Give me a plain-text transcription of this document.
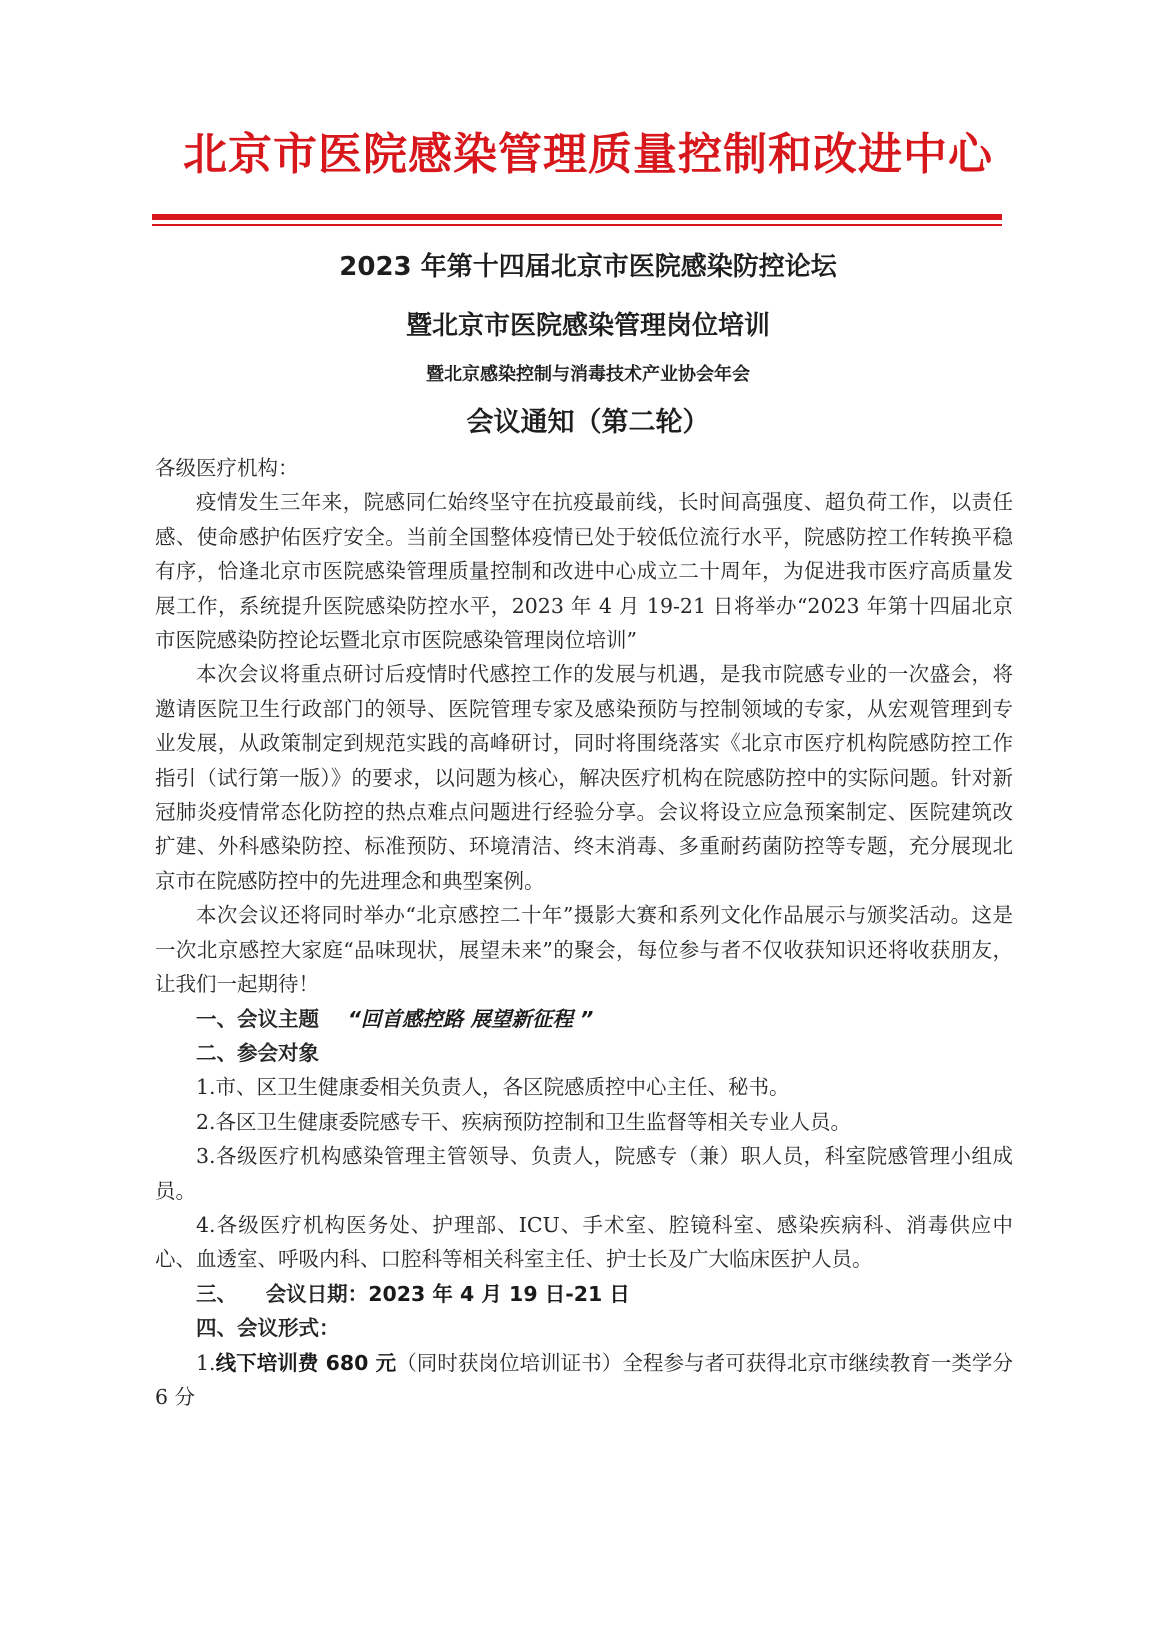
北京市医院感染管理质量控制和改进中心
2023 年第十四届北京市医院感染防控论坛
暨北京市医院感染管理岗位培训
暨北京感染控制与消毒技术产业协会年会
会议通知（第二轮）

各级医疗机构：

疫情发生三年来，院感同仁始终坚守在抗疫最前线，长时间高强度、超负荷工作，以责任感、使命感护佑医疗安全。当前全国整体疫情已处于较低位流行水平，院感防控工作转换平稳有序，恰逢北京市医院感染管理质量控制和改进中心成立二十周年，为促进我市医疗高质量发展工作，系统提升医院感染防控水平，2023 年 4 月 19-21 日将举办“2023 年第十四届北京市医院感染防控论坛暨北京市医院感染管理岗位培训”

本次会议将重点研讨后疫情时代感控工作的发展与机遇，是我市院感专业的一次盛会，将邀请医院卫生行政部门的领导、医院管理专家及感染预防与控制领域的专家，从宏观管理到专业发展，从政策制定到规范实践的高峰研讨，同时将围绕落实《北京市医疗机构院感防控工作指引（试行第一版）》的要求，以问题为核心，解决医疗机构在院感防控中的实际问题。针对新冠肺炎疫情常态化防控的热点难点问题进行经验分享。会议将设立应急预案制定、医院建筑改扩建、外科感染防控、标准预防、环境清洁、终末消毒、多重耐药菌防控等专题，充分展现北京市在院感防控中的先进理念和典型案例。

本次会议还将同时举办“北京感控二十年”摄影大赛和系列文化作品展示与颁奖活动。这是一次北京感控大家庭“品味现状，展望未来”的聚会，每位参与者不仅收获知识还将收获朋友，让我们一起期待！

一、会议主题 “回首感控路 展望新征程 ”

二、参会对象

1.市、区卫生健康委相关负责人，各区院感质控中心主任、秘书。

2.各区卫生健康委院感专干、疾病预防控制和卫生监督等相关专业人员。

3.各级医疗机构感染管理主管领导、负责人，院感专（兼）职人员，科室院感管理小组成员。

4.各级医疗机构医务处、护理部、ICU、手术室、腔镜科室、感染疾病科、消毒供应中心、血透室、呼吸内科、口腔科等相关科室主任、护士长及广大临床医护人员。

三、 会议日期：2023 年 4 月 19 日-21 日

四、会议形式：

1.线下培训费 680 元（同时获岗位培训证书）全程参与者可获得北京市继续教育一类学分 6 分
